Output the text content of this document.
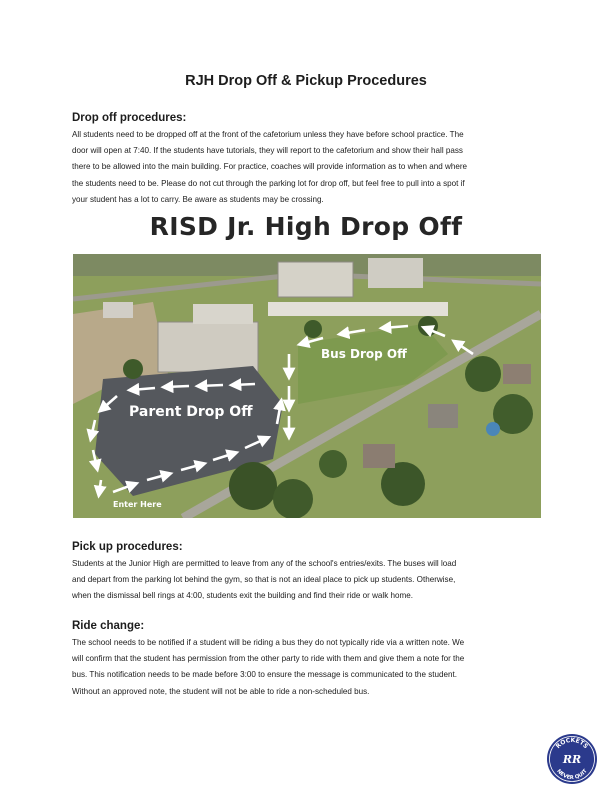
RJH Drop Off & Pickup Procedures
Drop off procedures:

All students need to be dropped off at the front of the cafetorium unless they have before school practice. The
door will open at 7:40. If the students have tutorials, they will report to the cafetorium and show their hall pass
there to be allowed into the main building. For practice, coaches will provide information as to when and where
the students need to be. Please do not cut through the parking lot for drop off, but feel free to pull into a spot if
your student has a lot to carry. Be aware as students may be crossing.

RISD Jr. High Drop Off
Bus Drop Off
Parent Drop Off
Enter Here
Pick up procedures:

Students at the Junior High are permitted to leave from any of the school's entries/exits. The buses will load
and depart from the parking lot behind the gym, so that is not an ideal place to pick up students. Otherwise,
when the dismissal bell rings at 4:00, students exit the building and find their ride or walk home.

Ride change:

The school needs to be notified if a student will be riding a bus they do not typically ride via a written note. We
will confirm that the student has permission from the other party to ride with them and give them a note for the
bus. This notification needs to be made before 3:00 to ensure the message is communicated to the student.
Without an approved note, the student will not be able to ride a non-scheduled bus.

ROCKETS
NEVER QUIT
RR
